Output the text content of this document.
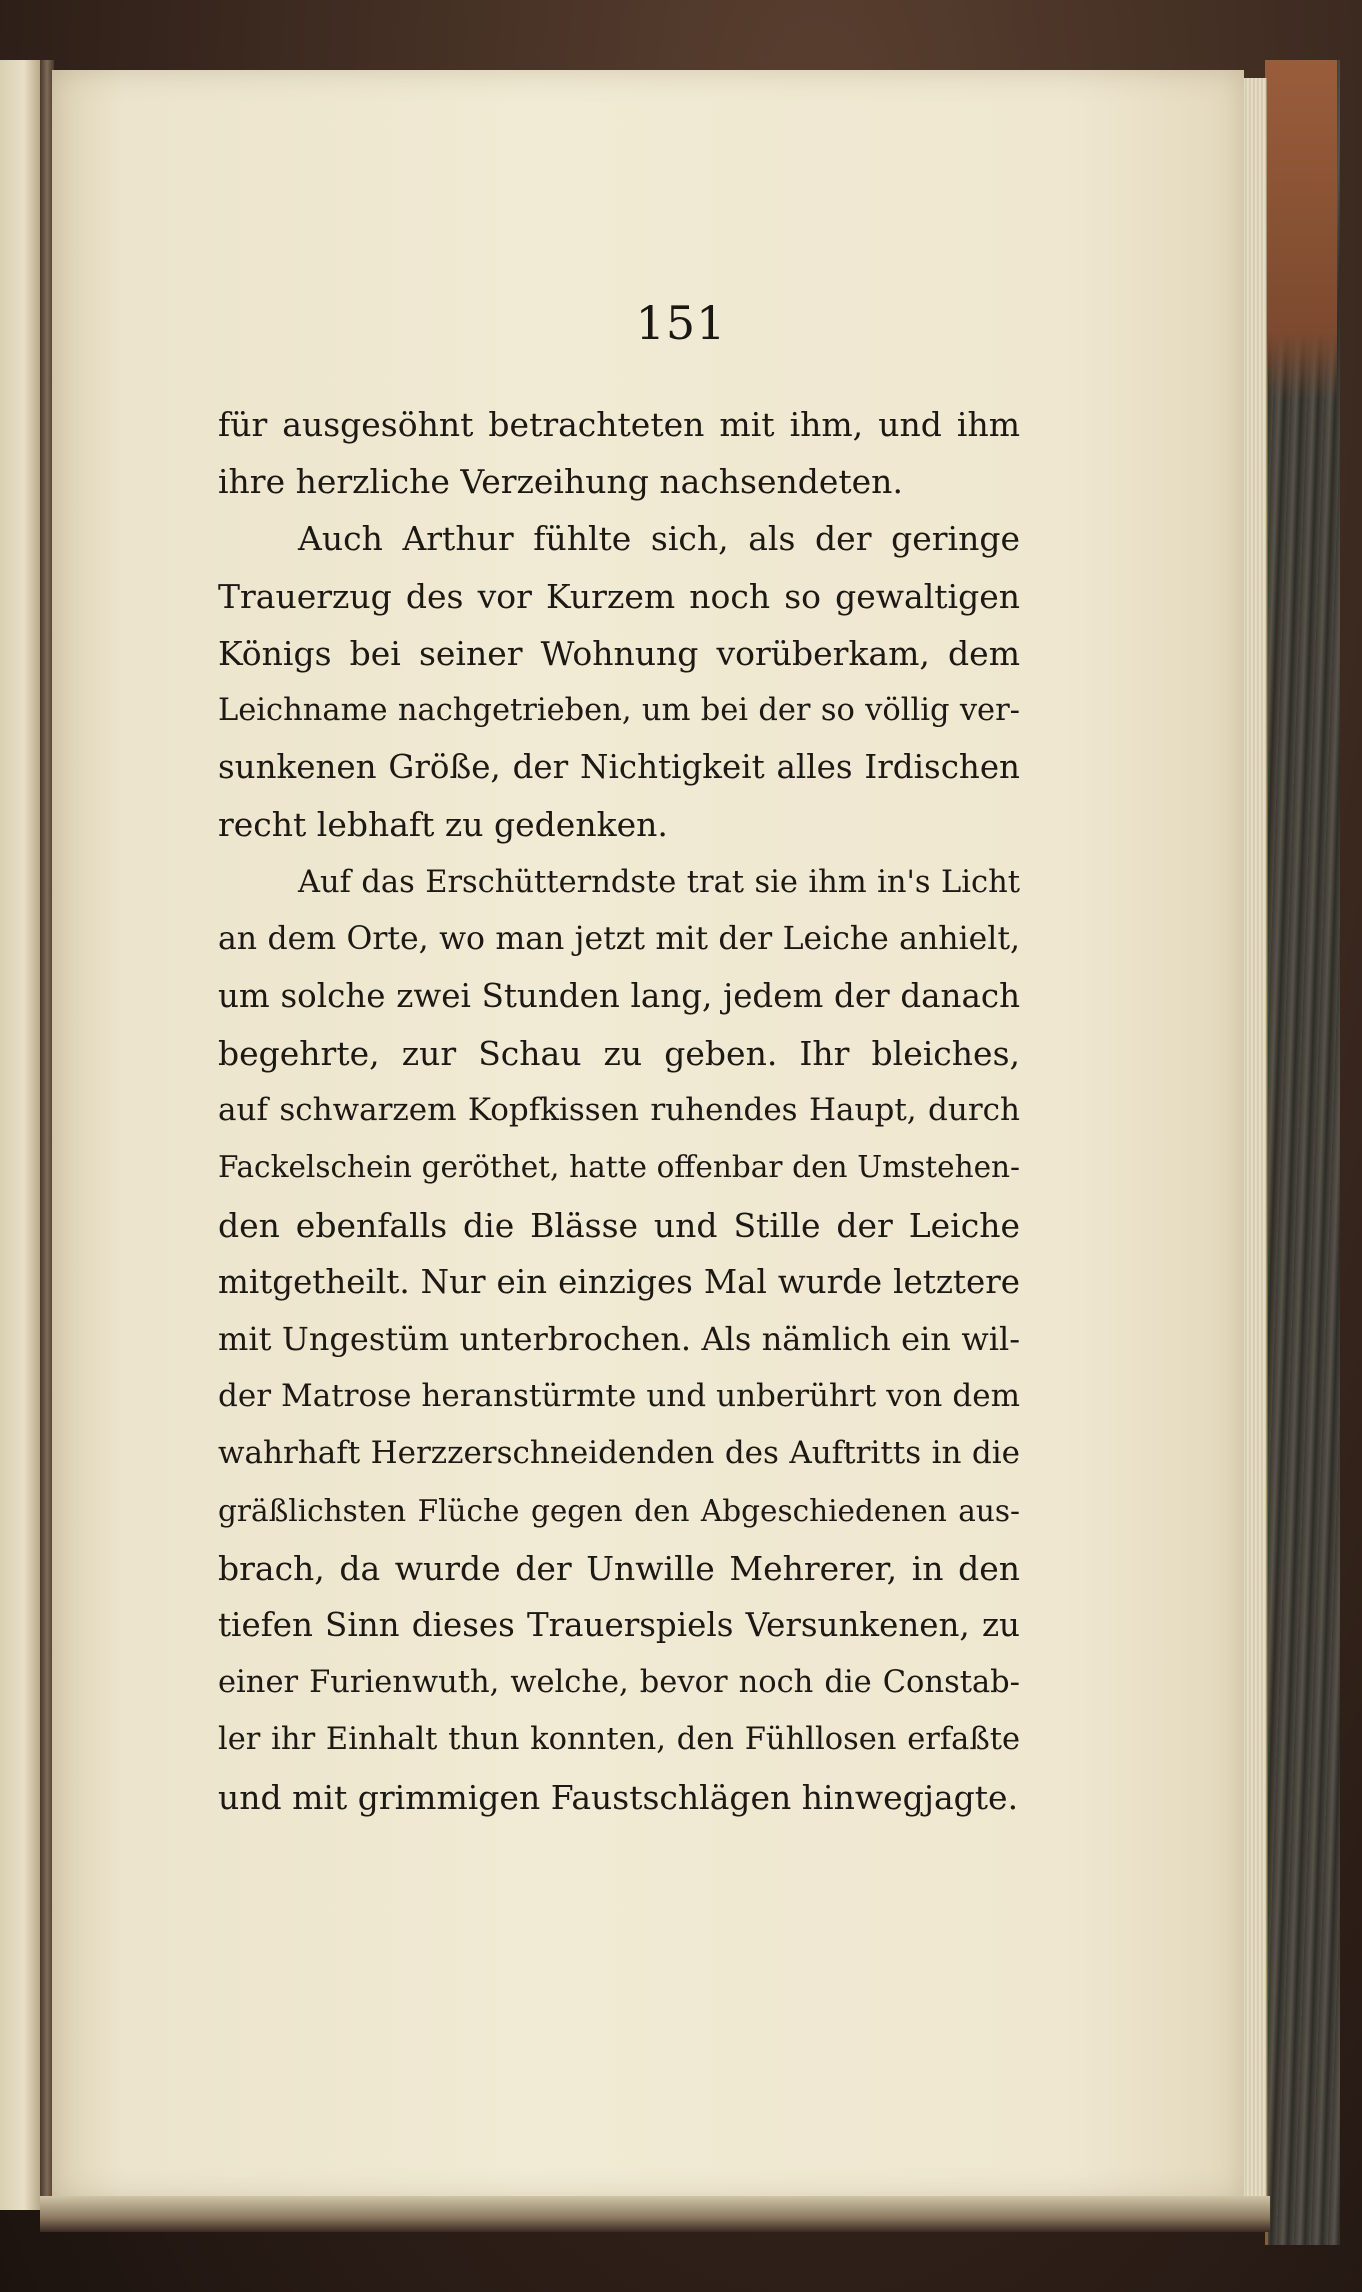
151
für ausgesöhnt betrachteten mit ihm, und ihm
ihre herzliche Verzeihung nachsendeten.
Auch Arthur fühlte sich, als der geringe
Trauerzug des vor Kurzem noch so gewaltigen
Königs bei seiner Wohnung vorüberkam, dem
Leichname nachgetrieben, um bei der so völlig ver-
sunkenen Größe, der Nichtigkeit alles Irdischen
recht lebhaft zu gedenken.
Auf das Erschütterndste trat sie ihm in's Licht
an dem Orte, wo man jetzt mit der Leiche anhielt,
um solche zwei Stunden lang, jedem der danach
begehrte, zur Schau zu geben. Ihr bleiches,
auf schwarzem Kopfkissen ruhendes Haupt, durch
Fackelschein geröthet, hatte offenbar den Umstehen-
den ebenfalls die Blässe und Stille der Leiche
mitgetheilt. Nur ein einziges Mal wurde letztere
mit Ungestüm unterbrochen. Als nämlich ein wil-
der Matrose heranstürmte und unberührt von dem
wahrhaft Herzzerschneidenden des Auftritts in die
gräßlichsten Flüche gegen den Abgeschiedenen aus-
brach, da wurde der Unwille Mehrerer, in den
tiefen Sinn dieses Trauerspiels Versunkenen, zu
einer Furienwuth, welche, bevor noch die Constab-
ler ihr Einhalt thun konnten, den Fühllosen erfaßte
und mit grimmigen Faustschlägen hinwegjagte.
